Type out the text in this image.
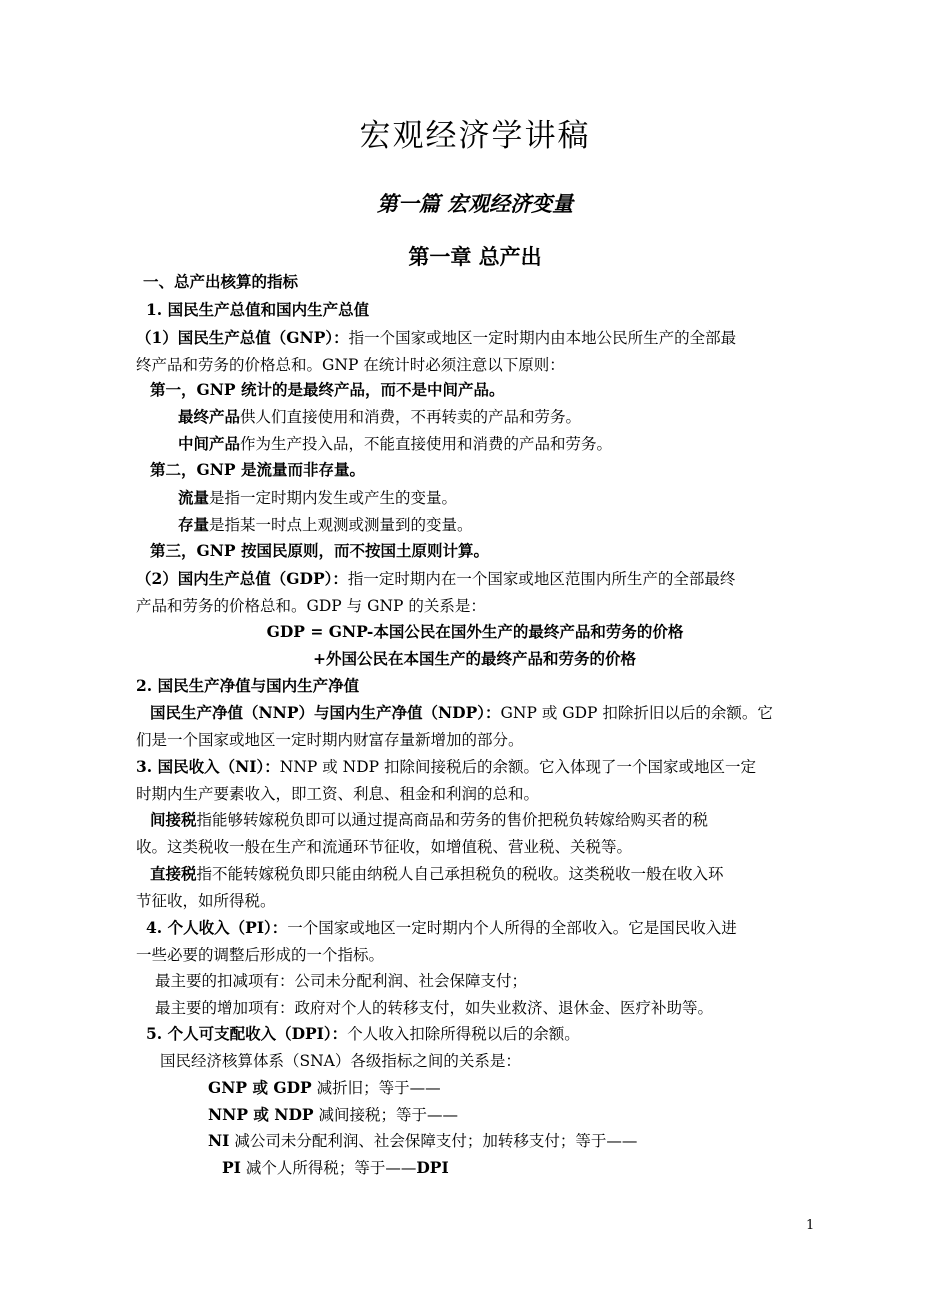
宏观经济学讲稿
第一篇 宏观经济变量
第一章 总产出
一、总产出核算的指标
1. 国民生产总值和国内生产总值
（1）国民生产总值（GNP）：指一个国家或地区一定时期内由本地公民所生产的全部最
终产品和劳务的价格总和。GNP 在统计时必须注意以下原则：
第一，GNP 统计的是最终产品，而不是中间产品。
最终产品供人们直接使用和消费，不再转卖的产品和劳务。
中间产品作为生产投入品，不能直接使用和消费的产品和劳务。
第二，GNP 是流量而非存量。
流量是指一定时期内发生或产生的变量。
存量是指某一时点上观测或测量到的变量。
第三，GNP 按国民原则，而不按国土原则计算。
（2）国内生产总值（GDP）：指一定时期内在一个国家或地区范围内所生产的全部最终
产品和劳务的价格总和。GDP 与 GNP 的关系是：
GDP = GNP-本国公民在国外生产的最终产品和劳务的价格
+外国公民在本国生产的最终产品和劳务的价格
2. 国民生产净值与国内生产净值
国民生产净值（NNP）与国内生产净值（NDP）：GNP 或 GDP 扣除折旧以后的余额。它
们是一个国家或地区一定时期内财富存量新增加的部分。
3. 国民收入（NI）：NNP 或 NDP 扣除间接税后的余额。它入体现了一个国家或地区一定
时期内生产要素收入，即工资、利息、租金和利润的总和。
间接税指能够转嫁税负即可以通过提高商品和劳务的售价把税负转嫁给购买者的税
收。这类税收一般在生产和流通环节征收，如增值税、营业税、关税等。
直接税指不能转嫁税负即只能由纳税人自己承担税负的税收。这类税收一般在收入环
节征收，如所得税。
4. 个人收入（PI）：一个国家或地区一定时期内个人所得的全部收入。它是国民收入进
一些必要的调整后形成的一个指标。
最主要的扣减项有：公司未分配利润、社会保障支付；
最主要的增加项有：政府对个人的转移支付，如失业救济、退休金、医疗补助等。
5. 个人可支配收入（DPI）：个人收入扣除所得税以后的余额。
国民经济核算体系（SNA）各级指标之间的关系是：
GNP 或 GDP 减折旧；等于——
NNP 或 NDP 减间接税；等于——
NI 减公司未分配利润、社会保障支付；加转移支付；等于——
PI 减个人所得税；等于——DPI
1
